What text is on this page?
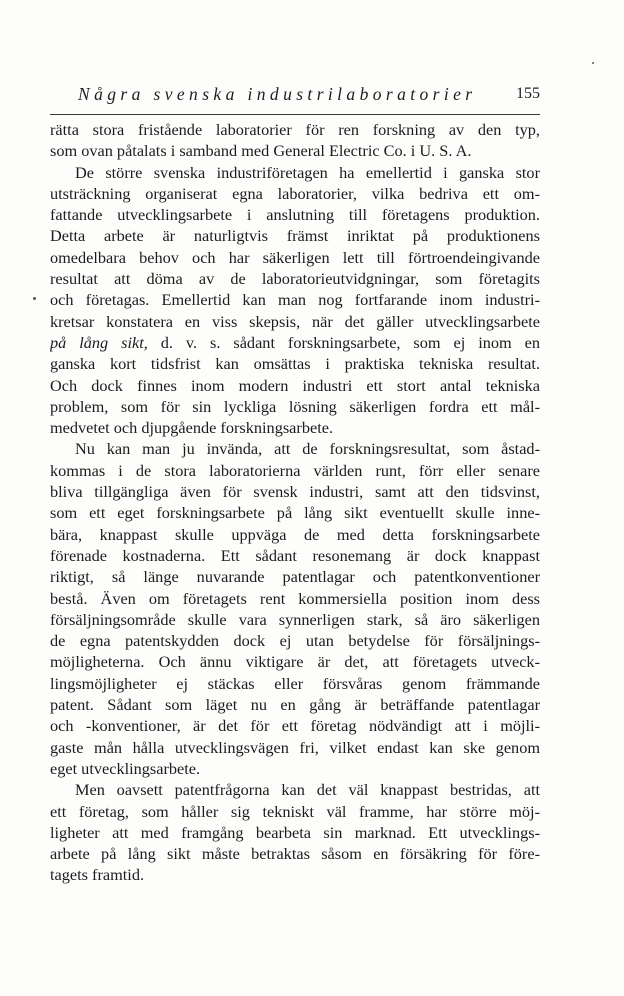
Några svenska industrilaboratorier 155
rätta stora fristående laboratorier för ren forskning av den typ,
som ovan påtalats i samband med General Electric Co. i U. S. A.
De större svenska industriföretagen ha emellertid i ganska stor
utsträckning organiserat egna laboratorier, vilka bedriva ett om-
fattande utvecklingsarbete i anslutning till företagens produktion.
Detta arbete är naturligtvis främst inriktat på produktionens
omedelbara behov och har säkerligen lett till förtroendeingivande
resultat att döma av de laboratorieutvidgningar, som företagits
och företagas. Emellertid kan man nog fortfarande inom industri-
kretsar konstatera en viss skepsis, när det gäller utvecklingsarbete
på lång sikt, d. v. s. sådant forskningsarbete, som ej inom en
ganska kort tidsfrist kan omsättas i praktiska tekniska resultat.
Och dock finnes inom modern industri ett stort antal tekniska
problem, som för sin lyckliga lösning säkerligen fordra ett mål-
medvetet och djupgående forskningsarbete.
Nu kan man ju invända, att de forskningsresultat, som åstad-
kommas i de stora laboratorierna världen runt, förr eller senare
bliva tillgängliga även för svensk industri, samt att den tidsvinst,
som ett eget forskningsarbete på lång sikt eventuellt skulle inne-
bära, knappast skulle uppväga de med detta forskningsarbete
förenade kostnaderna. Ett sådant resonemang är dock knappast
riktigt, så länge nuvarande patentlagar och patentkonventioner
bestå. Även om företagets rent kommersiella position inom dess
försäljningsområde skulle vara synnerligen stark, så äro säkerligen
de egna patentskydden dock ej utan betydelse för försäljnings-
möjligheterna. Och ännu viktigare är det, att företagets utveck-
lingsmöjligheter ej stäckas eller försvåras genom främmande
patent. Sådant som läget nu en gång är beträffande patentlagar
och -konventioner, är det för ett företag nödvändigt att i möjli-
gaste mån hålla utvecklingsvägen fri, vilket endast kan ske genom
eget utvecklingsarbete.
Men oavsett patentfrågorna kan det väl knappast bestridas, att
ett företag, som håller sig tekniskt väl framme, har större möj-
ligheter att med framgång bearbeta sin marknad. Ett utvecklings-
arbete på lång sikt måste betraktas såsom en försäkring för före-
tagets framtid.
